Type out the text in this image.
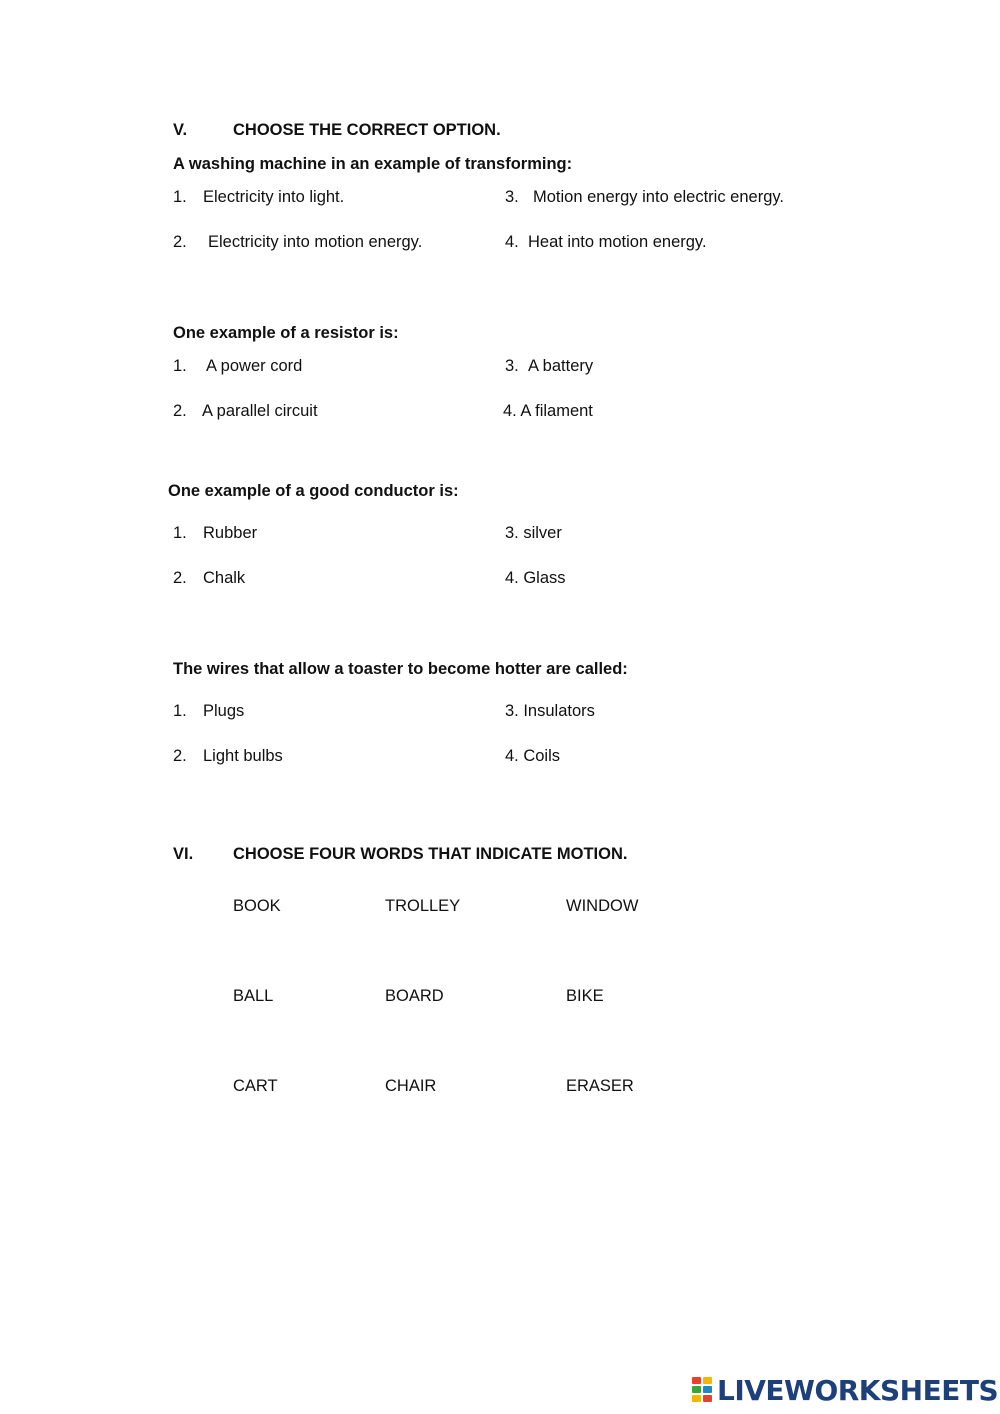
V.	CHOOSE THE CORRECT OPTION.
A washing machine in an example of transforming:
1. Electricity into light.	3. Motion energy into electric energy.
2. Electricity into motion energy.	4. Heat into motion energy.
One example of a resistor is:
1. A power cord	3. A battery
2. A parallel circuit	4. A filament
One example of a good conductor is:
1. Rubber	3. silver
2. Chalk	4. Glass
The wires that allow a toaster to become hotter are called:
1. Plugs	3. Insulators
2. Light bulbs	4. Coils
VI. CHOOSE FOUR WORDS THAT INDICATE MOTION.
BOOK	TROLLEY	WINDOW
BALL	BOARD	BIKE
CART	CHAIR	ERASER
LIVEWORKSHEETS
